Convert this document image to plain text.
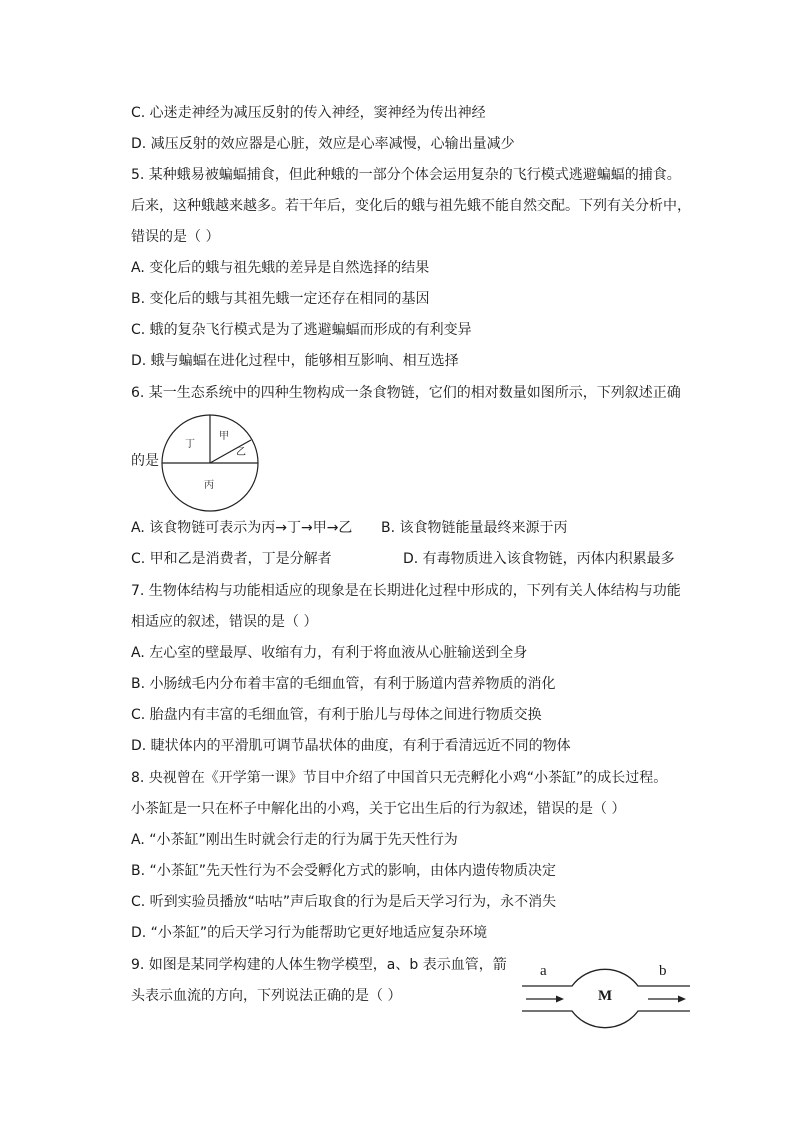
C. 心迷走神经为减压反射的传入神经，窦神经为传出神经
D. 减压反射的效应器是心脏，效应是心率减慢，心输出量减少
5. 某种蛾易被蝙蝠捕食，但此种蛾的一部分个体会运用复杂的飞行模式逃避蝙蝠的捕食。
后来，这种蛾越来越多。若干年后，变化后的蛾与祖先蛾不能自然交配。下列有关分析中，
错误的是（ ）
A. 变化后的蛾与祖先蛾的差异是自然选择的结果
B. 变化后的蛾与其祖先蛾一定还存在相同的基因
C. 蛾的复杂飞行模式是为了逃避蝙蝠而形成的有利变异
D. 蛾与蝙蝠在进化过程中，能够相互影响、相互选择
6. 某一生态系统中的四种生物构成一条食物链，它们的相对数量如图所示，下列叙述正确
的是
丁
甲
乙
丙
A. 该食物链可表示为丙→丁→甲→乙 B. 该食物链能量最终来源于丙
C. 甲和乙是消费者，丁是分解者	D. 有毒物质进入该食物链，丙体内积累最多
7. 生物体结构与功能相适应的现象是在长期进化过程中形成的，下列有关人体结构与功能
相适应的叙述，错误的是（ ）
A. 左心室的壁最厚、收缩有力，有利于将血液从心脏输送到全身
B. 小肠绒毛内分布着丰富的毛细血管，有利于肠道内营养物质的消化
C. 胎盘内有丰富的毛细血管，有利于胎儿与母体之间进行物质交换
D. 睫状体内的平滑肌可调节晶状体的曲度，有利于看清远近不同的物体
8. 央视曾在《开学第一课》节目中介绍了中国首只无壳孵化小鸡“小茶缸”的成长过程。
小茶缸是一只在杯子中解化出的小鸡，关于它出生后的行为叙述，错误的是（ ）
A. “小茶缸”刚出生时就会行走的行为属于先天性行为
B. “小茶缸”先天性行为不会受孵化方式的影响，由体内遗传物质决定
C. 听到实验员播放“咕咕”声后取食的行为是后天学习行为，永不消失
D. “小茶缸”的后天学习行为能帮助它更好地适应复杂环境
9. 如图是某同学构建的人体生物学模型，a、b 表示血管，箭
头表示血流的方向，下列说法正确的是（ ）
a	b
M
